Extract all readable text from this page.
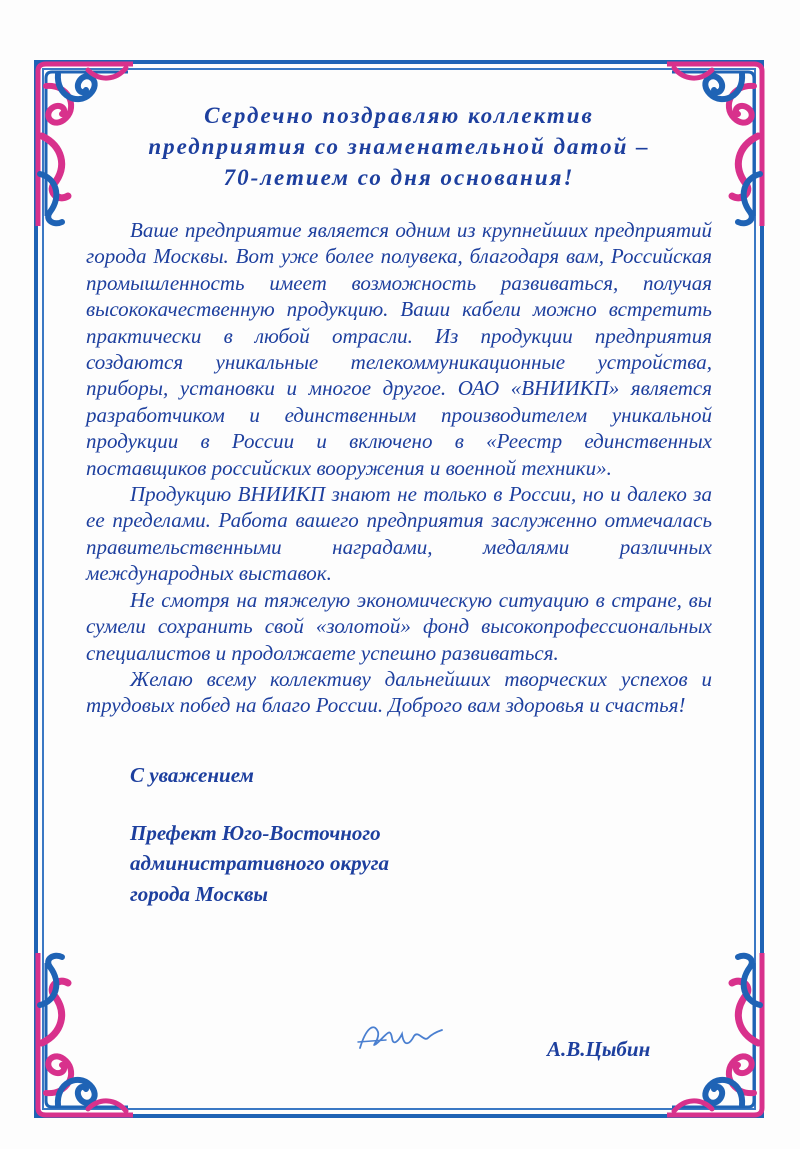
Сердечно поздравляю коллектив
предприятия со знаменательной датой –
70-летием со дня основания!

Ваше предприятие является одним из крупнейших предприятий города Москвы. Вот уже более полувека, благодаря вам, Российская промышленность имеет возможность развиваться, получая высококачественную продукцию. Ваши кабели можно встретить практически в любой отрасли. Из продукции предприятия создаются уникальные телекоммуникационные устройства, приборы, установки и многое другое. ОАО «ВНИИКП» является разработчиком и единственным производителем уникальной продукции в России и включено в «Реестр единственных поставщиков российских вооружения и военной техники».

Продукцию ВНИИКП знают не только в России, но и далеко за ее пределами. Работа вашего предприятия заслуженно отмечалась правительственными наградами, медалями различных международных выставок.

Не смотря на тяжелую экономическую ситуацию в стране, вы сумели сохранить свой «золотой» фонд высокопрофессиональных специалистов и продолжаете успешно развиваться.

Желаю всему коллективу дальнейших творческих успехов и трудовых побед на благо России. Доброго вам здоровья и счастья!

С уважением
Префект Юго-Восточного
административного округа
города Москвы
А.В.Цыбин
